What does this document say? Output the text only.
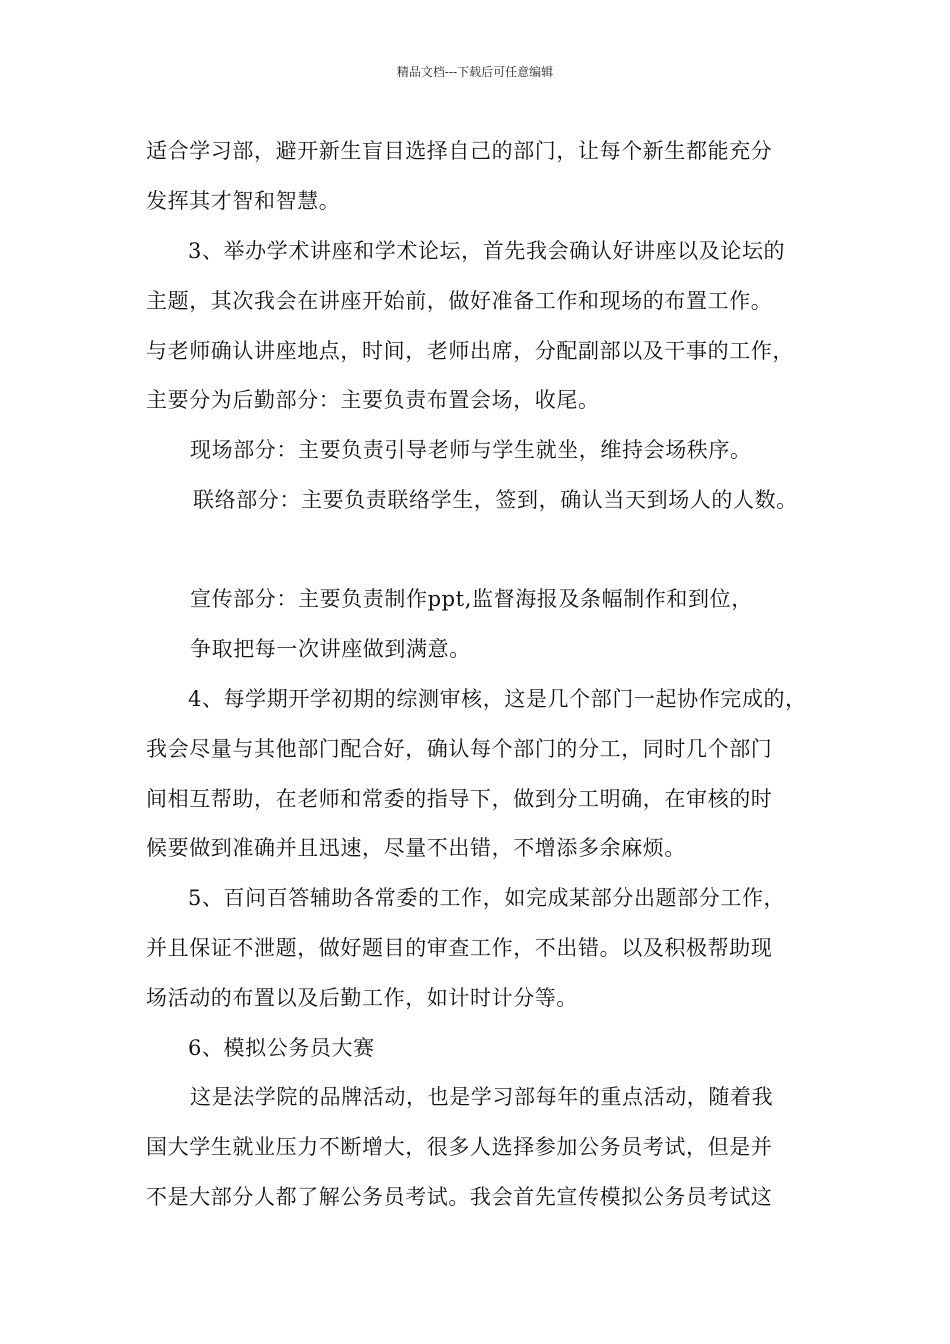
精品文档---下载后可任意编辑
适合学习部，避开新生盲目选择自己的部门，让每个新生都能充分
发挥其才智和智慧。
3、举办学术讲座和学术论坛，首先我会确认好讲座以及论坛的
主题，其次我会在讲座开始前，做好准备工作和现场的布置工作。
与老师确认讲座地点，时间，老师出席，分配副部以及干事的工作，
主要分为后勤部分：主要负责布置会场，收尾。
现场部分：主要负责引导老师与学生就坐，维持会场秩序。
联络部分：主要负责联络学生，签到，确认当天到场人的人数。
宣传部分：主要负责制作ppt,监督海报及条幅制作和到位，
争取把每一次讲座做到满意。
4、每学期开学初期的综测审核，这是几个部门一起协作完成的，
我会尽量与其他部门配合好，确认每个部门的分工，同时几个部门
间相互帮助，在老师和常委的指导下，做到分工明确，在审核的时
候要做到准确并且迅速，尽量不出错，不增添多余麻烦。
5、百问百答辅助各常委的工作，如完成某部分出题部分工作，
并且保证不泄题，做好题目的审查工作，不出错。以及积极帮助现
场活动的布置以及后勤工作，如计时计分等。
6、模拟公务员大赛
这是法学院的品牌活动，也是学习部每年的重点活动，随着我
国大学生就业压力不断增大，很多人选择参加公务员考试，但是并
不是大部分人都了解公务员考试。我会首先宣传模拟公务员考试这
